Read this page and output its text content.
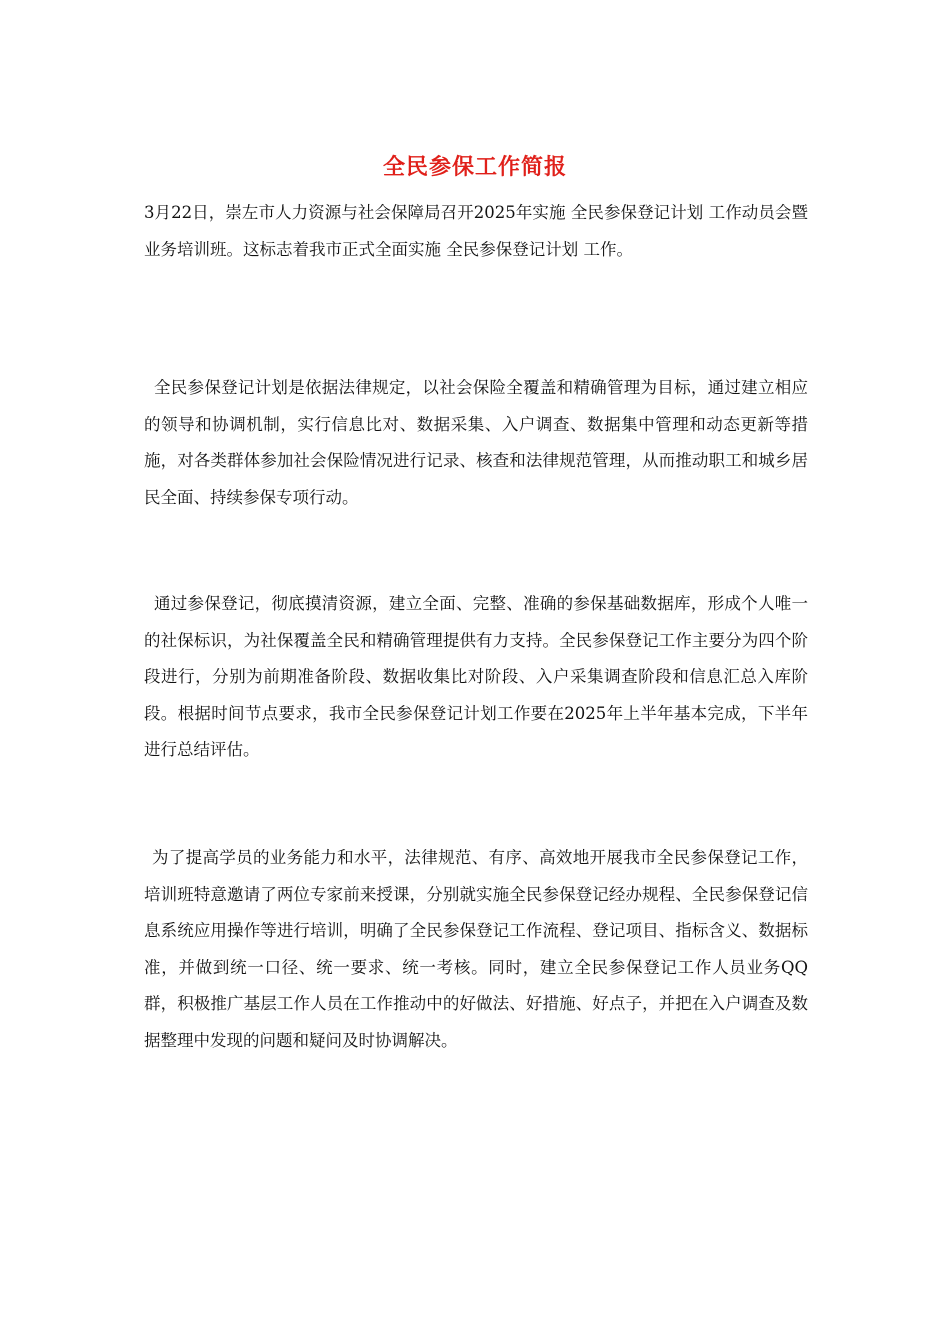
全民参保工作简报

3月22日，崇左市人力资源与社会保障局召开2025年实施 全民参保登记计划 工作动员会暨业务培训班。这标志着我市正式全面实施 全民参保登记计划 工作。

全民参保登记计划是依据法律规定，以社会保险全覆盖和精确管理为目标，通过建立相应的领导和协调机制，实行信息比对、数据采集、入户调查、数据集中管理和动态更新等措施，对各类群体参加社会保险情况进行记录、核查和法律规范管理，从而推动职工和城乡居民全面、持续参保专项行动。

通过参保登记，彻底摸清资源，建立全面、完整、准确的参保基础数据库，形成个人唯一的社保标识，为社保覆盖全民和精确管理提供有力支持。全民参保登记工作主要分为四个阶段进行，分别为前期准备阶段、数据收集比对阶段、入户采集调查阶段和信息汇总入库阶段。根据时间节点要求，我市全民参保登记计划工作要在2025年上半年基本完成，下半年进行总结评估。

为了提高学员的业务能力和水平，法律规范、有序、高效地开展我市全民参保登记工作，培训班特意邀请了两位专家前来授课，分别就实施全民参保登记经办规程、全民参保登记信息系统应用操作等进行培训，明确了全民参保登记工作流程、登记项目、指标含义、数据标准，并做到统一口径、统一要求、统一考核。同时，建立全民参保登记工作人员业务QQ群，积极推广基层工作人员在工作推动中的好做法、好措施、好点子，并把在入户调查及数据整理中发现的问题和疑问及时协调解决。
